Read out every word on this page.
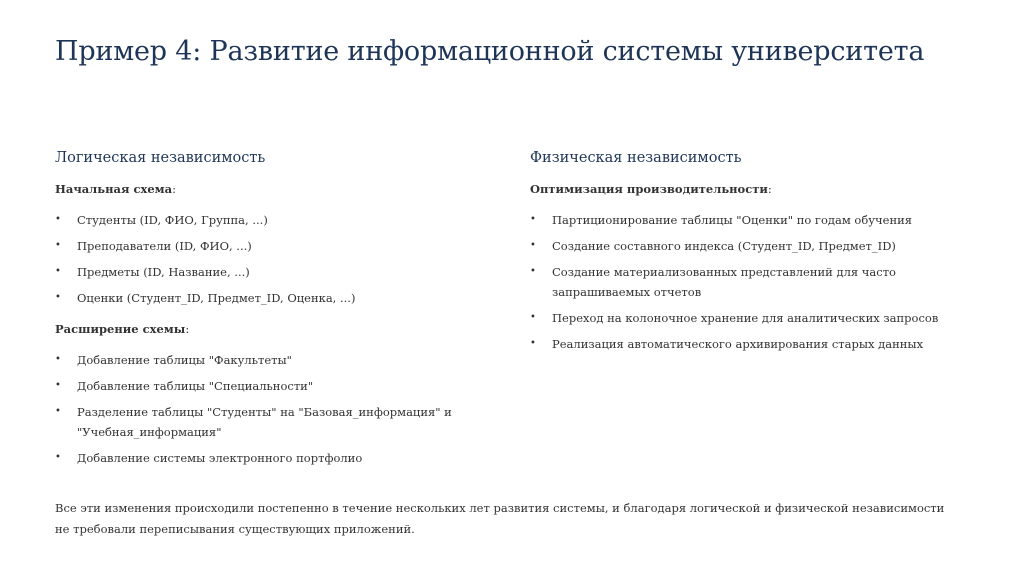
Пример 4: Развитие информационной системы университета
Логическая независимость

Начальная схема:

• Студенты (ID, ФИО, Группа, ...)
• Преподаватели (ID, ФИО, ...)
• Предметы (ID, Название, ...)
• Оценки (Студент_ID, Предмет_ID, Оценка, ...)

Расширение схемы:

• Добавление таблицы "Факультеты"
• Добавление таблицы "Специальности"
• Разделение таблицы "Студенты" на "Базовая_информация" и "Учебная_информация"
• Добавление системы электронного портфолио
Физическая независимость

Оптимизация производительности:

• Партиционирование таблицы "Оценки" по годам обучения
• Создание составного индекса (Студент_ID, Предмет_ID)
• Создание материализованных представлений для часто запрашиваемых отчетов
• Переход на колоночное хранение для аналитических запросов
• Реализация автоматического архивирования старых данных

Все эти изменения происходили постепенно в течение нескольких лет развития системы, и благодаря логической и физической независимости не требовали переписывания существующих приложений.
